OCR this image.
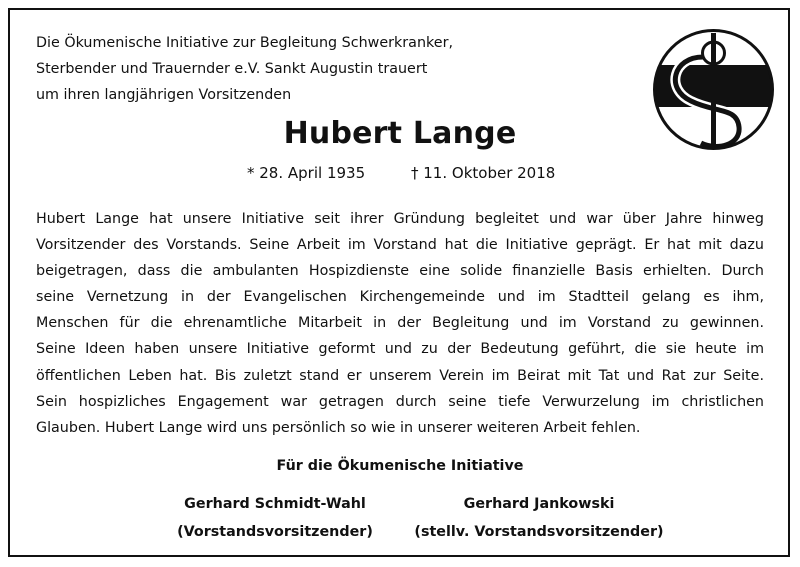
Die Ökumenische Initiative zur Begleitung Schwerkranker,
Sterbender und Trauernder e.V. Sankt Augustin trauert
um ihren langjährigen Vorsitzenden

Hubert Lange
* 28. April 1935	† 11. Oktober 2018

Hubert Lange hat unsere Initiative seit ihrer Gründung begleitet und war über Jahre hinweg
Vorsitzender des Vorstands. Seine Arbeit im Vorstand hat die Initiative geprägt. Er hat mit dazu
beigetragen, dass die ambulanten Hospizdienste eine solide finanzielle Basis erhielten. Durch
seine Vernetzung in der Evangelischen Kirchengemeinde und im Stadtteil gelang es ihm,
Menschen für die ehrenamtliche Mitarbeit in der Begleitung und im Vorstand zu gewinnen.
Seine Ideen haben unsere Initiative geformt und zu der Bedeutung geführt, die sie heute im
öffentlichen Leben hat. Bis zuletzt stand er unserem Verein im Beirat mit Tat und Rat zur Seite.
Sein hospizliches Engagement war getragen durch seine tiefe Verwurzelung im christlichen
Glauben. Hubert Lange wird uns persönlich so wie in unserer weiteren Arbeit fehlen.

Für die Ökumenische Initiative
Gerhard Schmidt-Wahl
(Vorstandsvorsitzender)
Gerhard Jankowski
(stellv. Vorstandsvorsitzender)
